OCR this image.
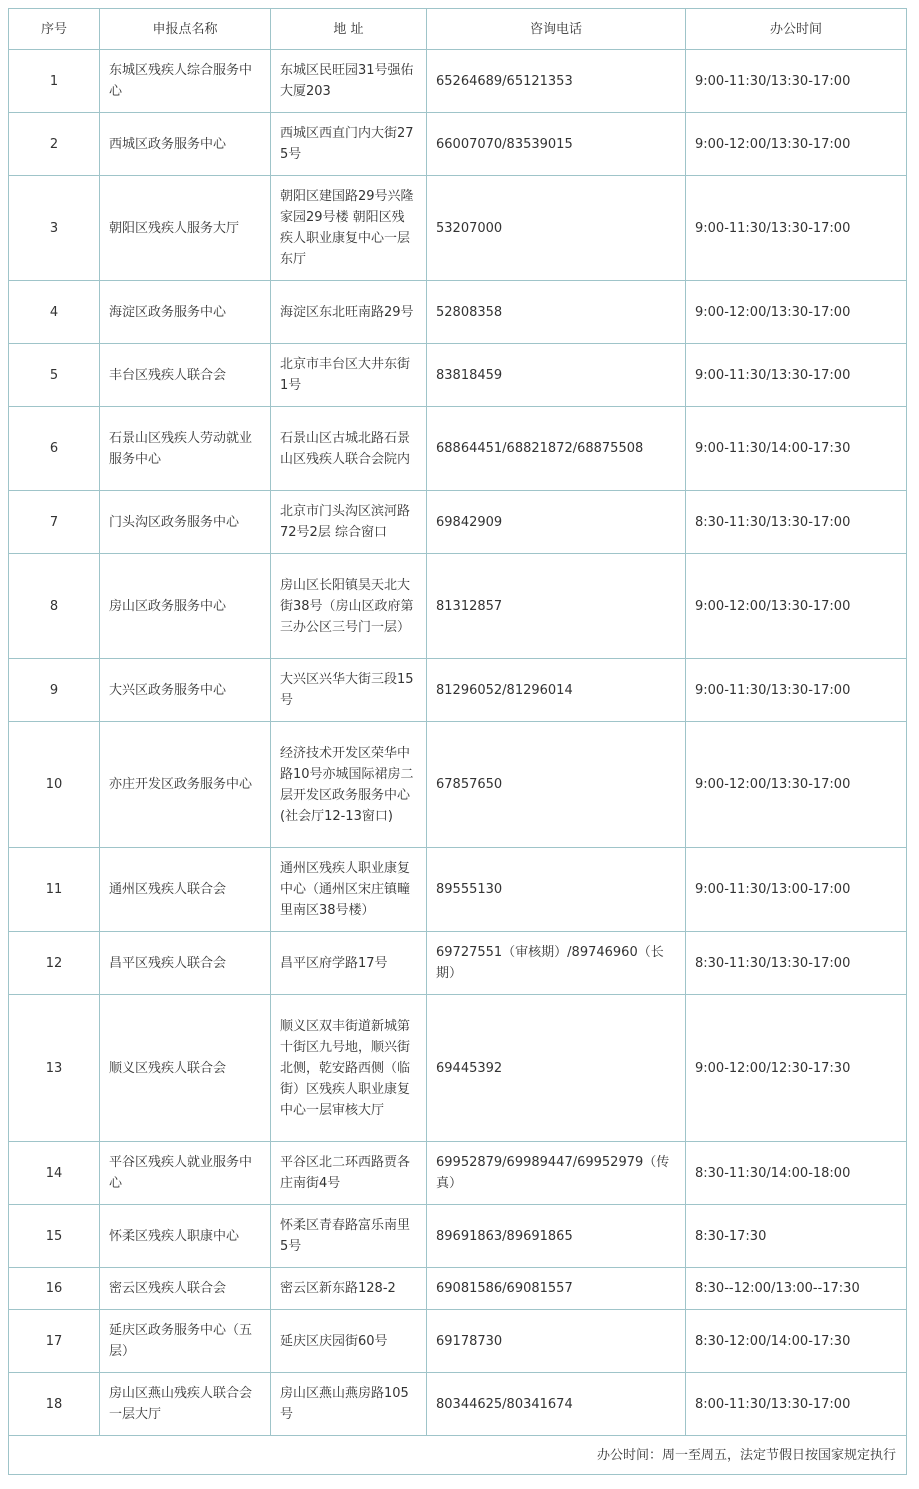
序号	申报点名称	地 址	咨询电话	办公时间
1	东城区残疾人综合服务中心	东城区民旺园31号强佑大厦203	65264689/65121353	9:00-11:30/13:30-17:00
2	西城区政务服务中心	西城区西直门内大街275号	66007070/83539015	9:00-12:00/13:30-17:00
3	朝阳区残疾人服务大厅	朝阳区建国路29号兴隆家园29号楼 朝阳区残疾人职业康复中心一层东厅	53207000	9:00-11:30/13:30-17:00
4	海淀区政务服务中心	海淀区东北旺南路29号	52808358	9:00-12:00/13:30-17:00
5	丰台区残疾人联合会	北京市丰台区大井东街1号	83818459	9:00-11:30/13:30-17:00
6	石景山区残疾人劳动就业服务中心	石景山区古城北路石景山区残疾人联合会院内	68864451/68821872/68875508	9:00-11:30/14:00-17:30
7	门头沟区政务服务中心	北京市门头沟区滨河路72号2层 综合窗口	69842909	8:30-11:30/13:30-17:00
8	房山区政务服务中心	房山区长阳镇昊天北大街38号（房山区政府第三办公区三号门一层）	81312857	9:00-12:00/13:30-17:00
9	大兴区政务服务中心	大兴区兴华大街三段15号	81296052/81296014	9:00-11:30/13:30-17:00
10	亦庄开发区政务服务中心	经济技术开发区荣华中路10号亦城国际裙房二层开发区政务服务中心 (社会厅12-13窗口)	67857650	9:00-12:00/13:30-17:00
11	通州区残疾人联合会	通州区残疾人职业康复中心（通州区宋庄镇疃里南区38号楼）	89555130	9:00-11:30/13:00-17:00
12	昌平区残疾人联合会	昌平区府学路17号	69727551（审核期）/89746960（长期）	8:30-11:30/13:30-17:00
13	顺义区残疾人联合会	顺义区双丰街道新城第十街区九号地，顺兴街北侧，乾安路西侧（临街）区残疾人职业康复中心一层审核大厅	69445392	9:00-12:00/12:30-17:30
14	平谷区残疾人就业服务中心	平谷区北二环西路贾各庄南街4号	69952879/69989447/69952979（传真）	8:30-11:30/14:00-18:00
15	怀柔区残疾人职康中心	怀柔区青春路富乐南里5号	89691863/89691865	8:30-17:30
16	密云区残疾人联合会	密云区新东路128-2	69081586/69081557	8:30--12:00/13:00--17:30
17	延庆区政务服务中心（五层）	延庆区庆园街60号	69178730	8:30-12:00/14:00-17:30
18	房山区燕山残疾人联合会一层大厅	房山区燕山燕房路105号	80344625/80341674	8:00-11:30/13:30-17:00
办公时间：周一至周五，法定节假日按国家规定执行				
